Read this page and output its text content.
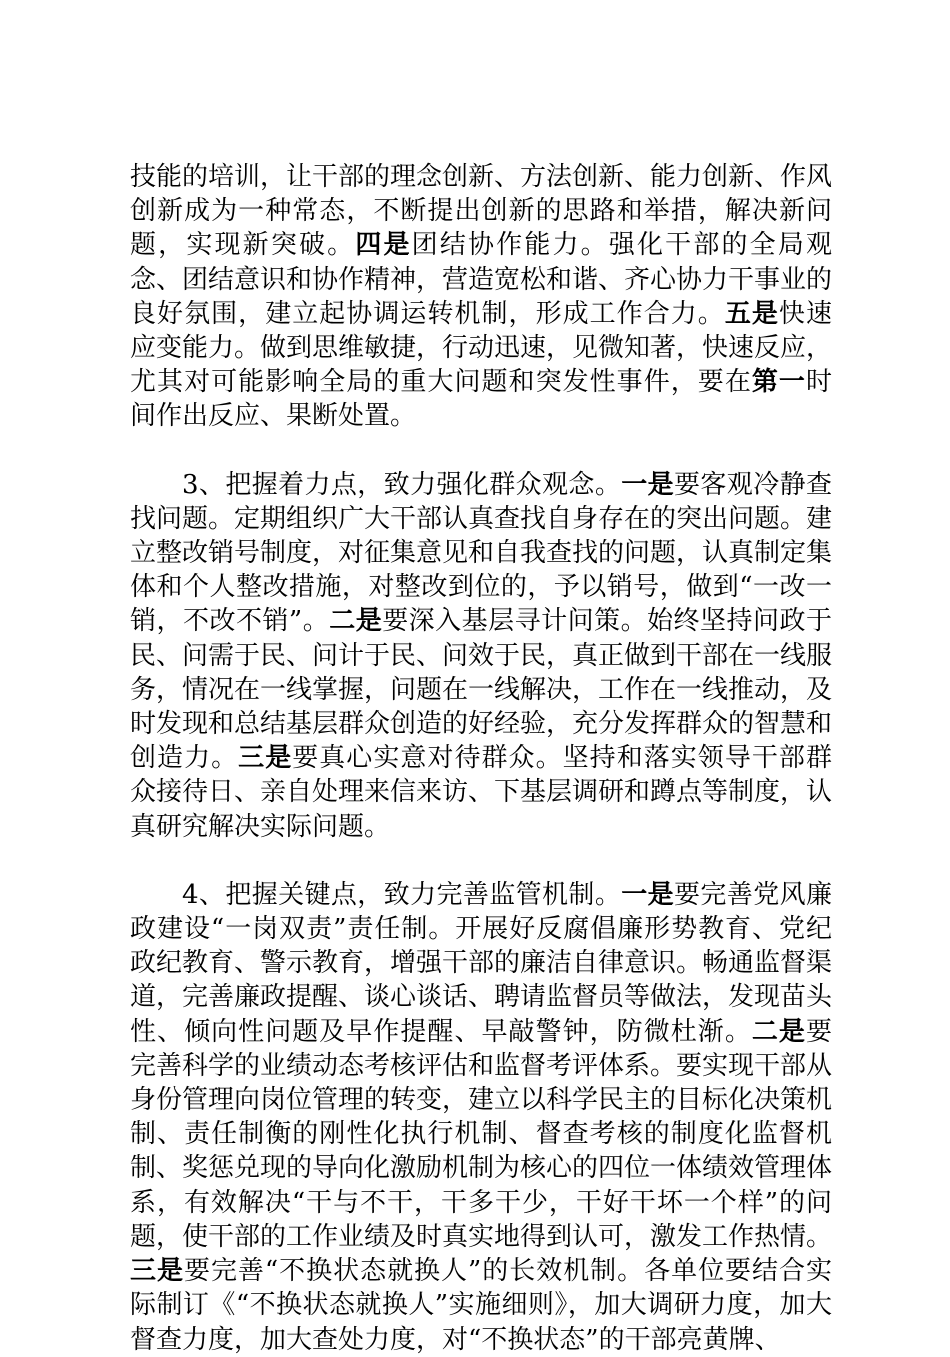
技能的培训，让干部的理念创新、方法创新、能力创新、作风创新成为一种常态，不断提出创新的思路和举措，解决新问题，实现新突破。四是团结协作能力。强化干部的全局观念、团结意识和协作精神，营造宽松和谐、齐心协力干事业的良好氛围，建立起协调运转机制，形成工作合力。五是快速应变能力。做到思维敏捷，行动迅速，见微知著，快速反应，尤其对可能影响全局的重大问题和突发性事件，要在第一时间作出反应、果断处置。

3、把握着力点，致力强化群众观念。一是要客观冷静查找问题。定期组织广大干部认真查找自身存在的突出问题。建立整改销号制度，对征集意见和自我查找的问题，认真制定集体和个人整改措施，对整改到位的，予以销号，做到“一改一销，不改不销”。二是要深入基层寻计问策。始终坚持问政于民、问需于民、问计于民、问效于民，真正做到干部在一线服务，情况在一线掌握，问题在一线解决，工作在一线推动，及时发现和总结基层群众创造的好经验，充分发挥群众的智慧和创造力。三是要真心实意对待群众。坚持和落实领导干部群众接待日、亲自处理来信来访、下基层调研和蹲点等制度，认真研究解决实际问题。

4、把握关键点，致力完善监管机制。一是要完善党风廉政建设“一岗双责”责任制。开展好反腐倡廉形势教育、党纪政纪教育、警示教育，增强干部的廉洁自律意识。畅通监督渠道，完善廉政提醒、谈心谈话、聘请监督员等做法，发现苗头性、倾向性问题及早作提醒、早敲警钟，防微杜渐。二是要完善科学的业绩动态考核评估和监督考评体系。要实现干部从身份管理向岗位管理的转变，建立以科学民主的目标化决策机制、责任制衡的刚性化执行机制、督查考核的制度化监督机制、奖惩兑现的导向化激励机制为核心的四位一体绩效管理体系，有效解决“干与不干，干多干少，干好干坏一个样”的问题，使干部的工作业绩及时真实地得到认可，激发工作热情。三是要完善“不换状态就换人”的长效机制。各单位要结合实际制订《“不换状态就换人”实施细则》，加大调研力度，加大督查力度，加大查处力度，对“不换状态”的干部亮黄牌、
